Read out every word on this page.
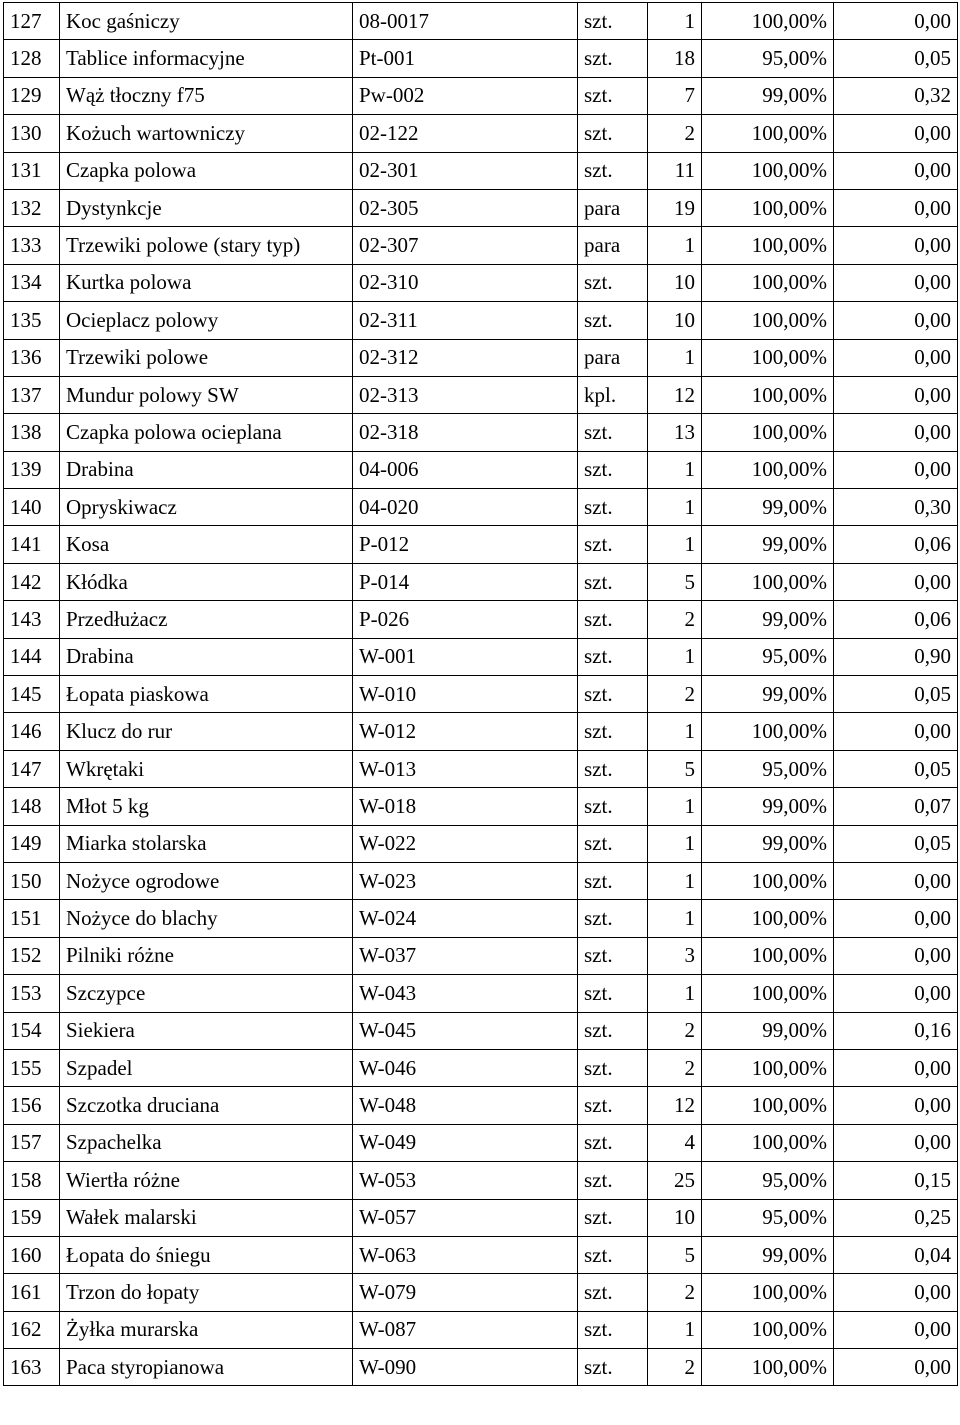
127	Koc gaśniczy	08-0017	szt.	1	100,00%	0,00
128	Tablice informacyjne	Pt-001	szt.	18	95,00%	0,05
129	Wąż tłoczny f75	Pw-002	szt.	7	99,00%	0,32
130	Kożuch wartowniczy	02-122	szt.	2	100,00%	0,00
131	Czapka polowa	02-301	szt.	11	100,00%	0,00
132	Dystynkcje	02-305	para	19	100,00%	0,00
133	Trzewiki polowe (stary typ)	02-307	para	1	100,00%	0,00
134	Kurtka polowa	02-310	szt.	10	100,00%	0,00
135	Ocieplacz polowy	02-311	szt.	10	100,00%	0,00
136	Trzewiki polowe	02-312	para	1	100,00%	0,00
137	Mundur polowy SW	02-313	kpl.	12	100,00%	0,00
138	Czapka polowa ocieplana	02-318	szt.	13	100,00%	0,00
139	Drabina	04-006	szt.	1	100,00%	0,00
140	Opryskiwacz	04-020	szt.	1	99,00%	0,30
141	Kosa	P-012	szt.	1	99,00%	0,06
142	Kłódka	P-014	szt.	5	100,00%	0,00
143	Przedłużacz	P-026	szt.	2	99,00%	0,06
144	Drabina	W-001	szt.	1	95,00%	0,90
145	Łopata piaskowa	W-010	szt.	2	99,00%	0,05
146	Klucz do rur	W-012	szt.	1	100,00%	0,00
147	Wkrętaki	W-013	szt.	5	95,00%	0,05
148	Młot 5 kg	W-018	szt.	1	99,00%	0,07
149	Miarka stolarska	W-022	szt.	1	99,00%	0,05
150	Nożyce ogrodowe	W-023	szt.	1	100,00%	0,00
151	Nożyce do blachy	W-024	szt.	1	100,00%	0,00
152	Pilniki różne	W-037	szt.	3	100,00%	0,00
153	Szczypce	W-043	szt.	1	100,00%	0,00
154	Siekiera	W-045	szt.	2	99,00%	0,16
155	Szpadel	W-046	szt.	2	100,00%	0,00
156	Szczotka druciana	W-048	szt.	12	100,00%	0,00
157	Szpachelka	W-049	szt.	4	100,00%	0,00
158	Wiertła różne	W-053	szt.	25	95,00%	0,15
159	Wałek malarski	W-057	szt.	10	95,00%	0,25
160	Łopata do śniegu	W-063	szt.	5	99,00%	0,04
161	Trzon do łopaty	W-079	szt.	2	100,00%	0,00
162	Żyłka murarska	W-087	szt.	1	100,00%	0,00
163	Paca styropianowa	W-090	szt.	2	100,00%	0,00
